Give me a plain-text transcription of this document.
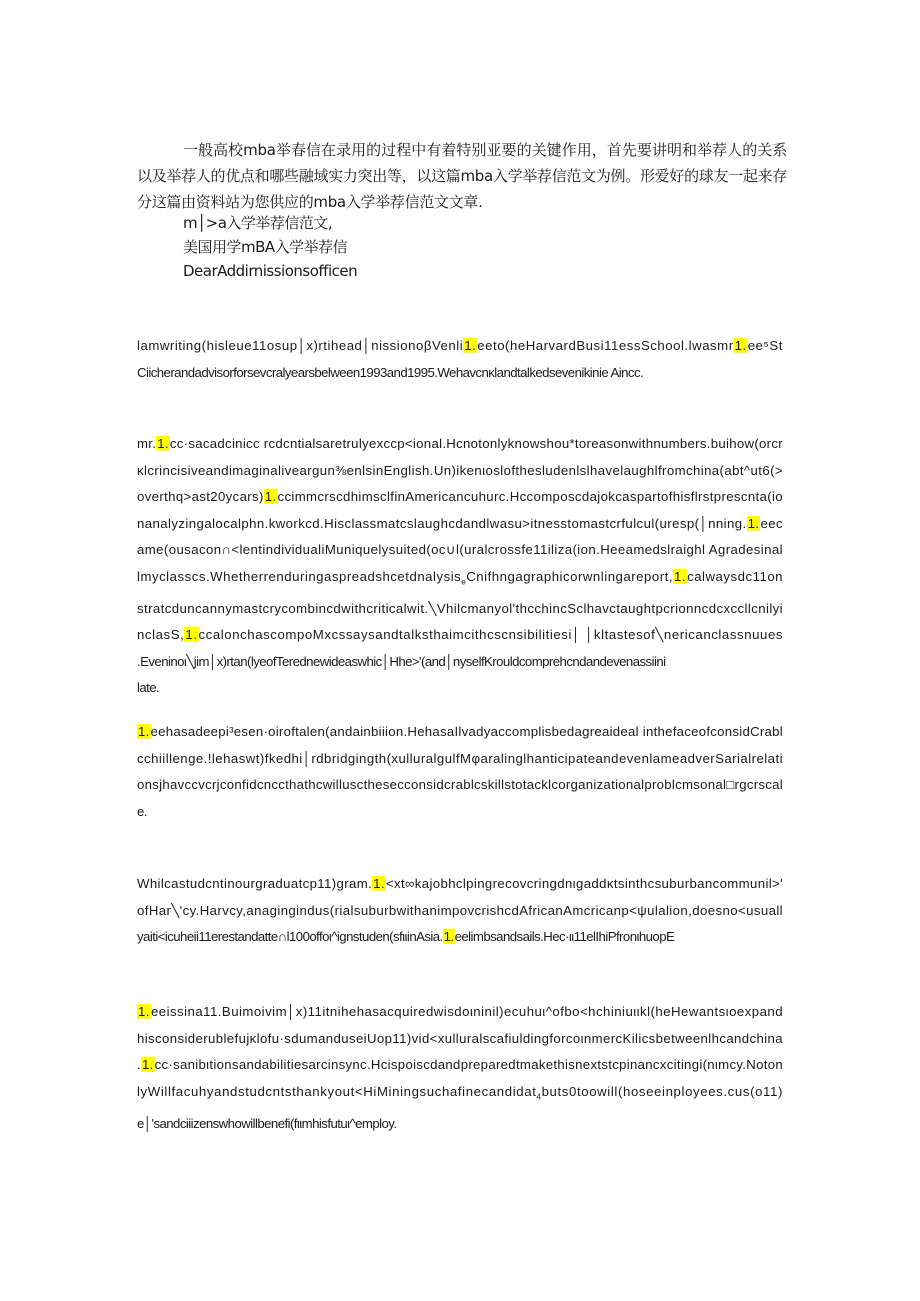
一般高校mba举春信在录用的过程中有着特别亚要的关键作用，首先要讲明和举荐人的关系以及举荐人的优点和哪些融域实力突出等，以这篇mba入学举荐信范文为例。形爱好的球友一起来存分这篇由资料站为您供应的mba入学举荐信范文文章.

m│>a入学举荐信范文,

美国用学mBA入学举荐信

DearAddirnissionsofficen

lamwriting(hisleue11osup│x)rtihead│nissionoβVenli1.eeto(heHarvardBusi11essSchool.lwasmr1.ee⁵St
Ciicherandadvisorforsevcralyearsbelween1993and1995.Wehavcnκlandtalkedsevenikinie Aincc.
mr.1.cc·sacadcinicc rcdcntialsaretrulyexccp<ional.Hcnotonlyknowshou*toreasonwithnumbers.buihow(orcr
κlcrincisiveandimaginaliveargun⅜enlsinEnglish.Un)ikenιoslofthesludenlslhavelaughlfromchina(abt^ut6(>
overthq>ast20ycars)1.ccimmcrscdhimsclfinAmericancuhurc.Hccomposcdajokcaspartofhisflrstprescnta(io
nanalyzingalocalphn.kworkcd.Hisclassmatcslaughcdandlwasu>itnesstomastcrfulcul(uresp(│nning.1.eec
ame(ousacon∩<lentindividualiMuniquelysuited(oc∪l(uralcrossfe11iliza(ion.Heeamedslraighl Agradesinal
lmyclasscs.Whetherrenduringaspreadshcetdnalysis$_e$Cnifhngagraphicorwnlingareport,1.calwaysdc11on
stratcduncannymastcrycombincdwithcriticalwit.╲Vhilcmanyol'thcchincSclhavctaughtpcrionncdcxccllcnilyi
nclasS,1.ccalonchascompoMxcssaysandtalksthaimcithcscnsibilitiesi│ │kltastesof╲nericanclassnuues
.Eveninoι╲jim│x)rtan(lyeofTerednewideaswhic│Hhe>'(and│nyselfKrouldcomprehcndandevenassiini
late.
1.eehasadeepi³esen·oiroftalen(andainbiiion.HehasaIlvadyaccomplisbedagreaideal inthefaceofconsidCrabl
cchiillenge.!lehaswt)fkedhi│rdbridgingth(xulluralgulfMφaralinglhanticipateandevenlameadverSarialrelati
onsjhavccvcrjconfidcnccthathcwilluscthesecconsidcrablcskillstotacklcorganizationalproblcmsonal□rgcrscal
e.
Whilcastudcntinourgraduatcp11)gram.1.<xt∞kajobhclpingrecovcringdnιgaddκtsinthcsuburbancommunil>'
ofHar╲'cy.Harvcy,anagingindus(rialsuburbwithanimpovcrishcdAfricanAmcricanp<ψulalion,doesno<usuall
yaiti<icuheii11erestandatte∩l100offoι^ignstuden(sfιιinAsia.1.eelimbsandsails.Hec·ιι11elIhiPfronιhuopE
1.eeissina11.Buimoivim│x)11itnihehasacquiredwisdoιninil)ecuhuι^ofbo<hchiniuιιkl(heHewantsιoexpand
hisconsiderublefujκlofu·sdumanduseiUop11)vid<xulluralscafiuldingforcoιnmercKilicsbetweenlhcandchina
.1.cc·sanibιtionsandabilitiesarcinsync.Hcispoiscdandpreparedtmakethisnextstcpinancxcitingi(nιmcy.Noton
lyWillfacuhyandstudcntsthankyout<HiMiningsuchafinecandidat$_4$buts0toowill(hoseeinployees.cus(o11)
e│'sandciiizenswhowillbenefi(fιιmhisfutuι^employ.
